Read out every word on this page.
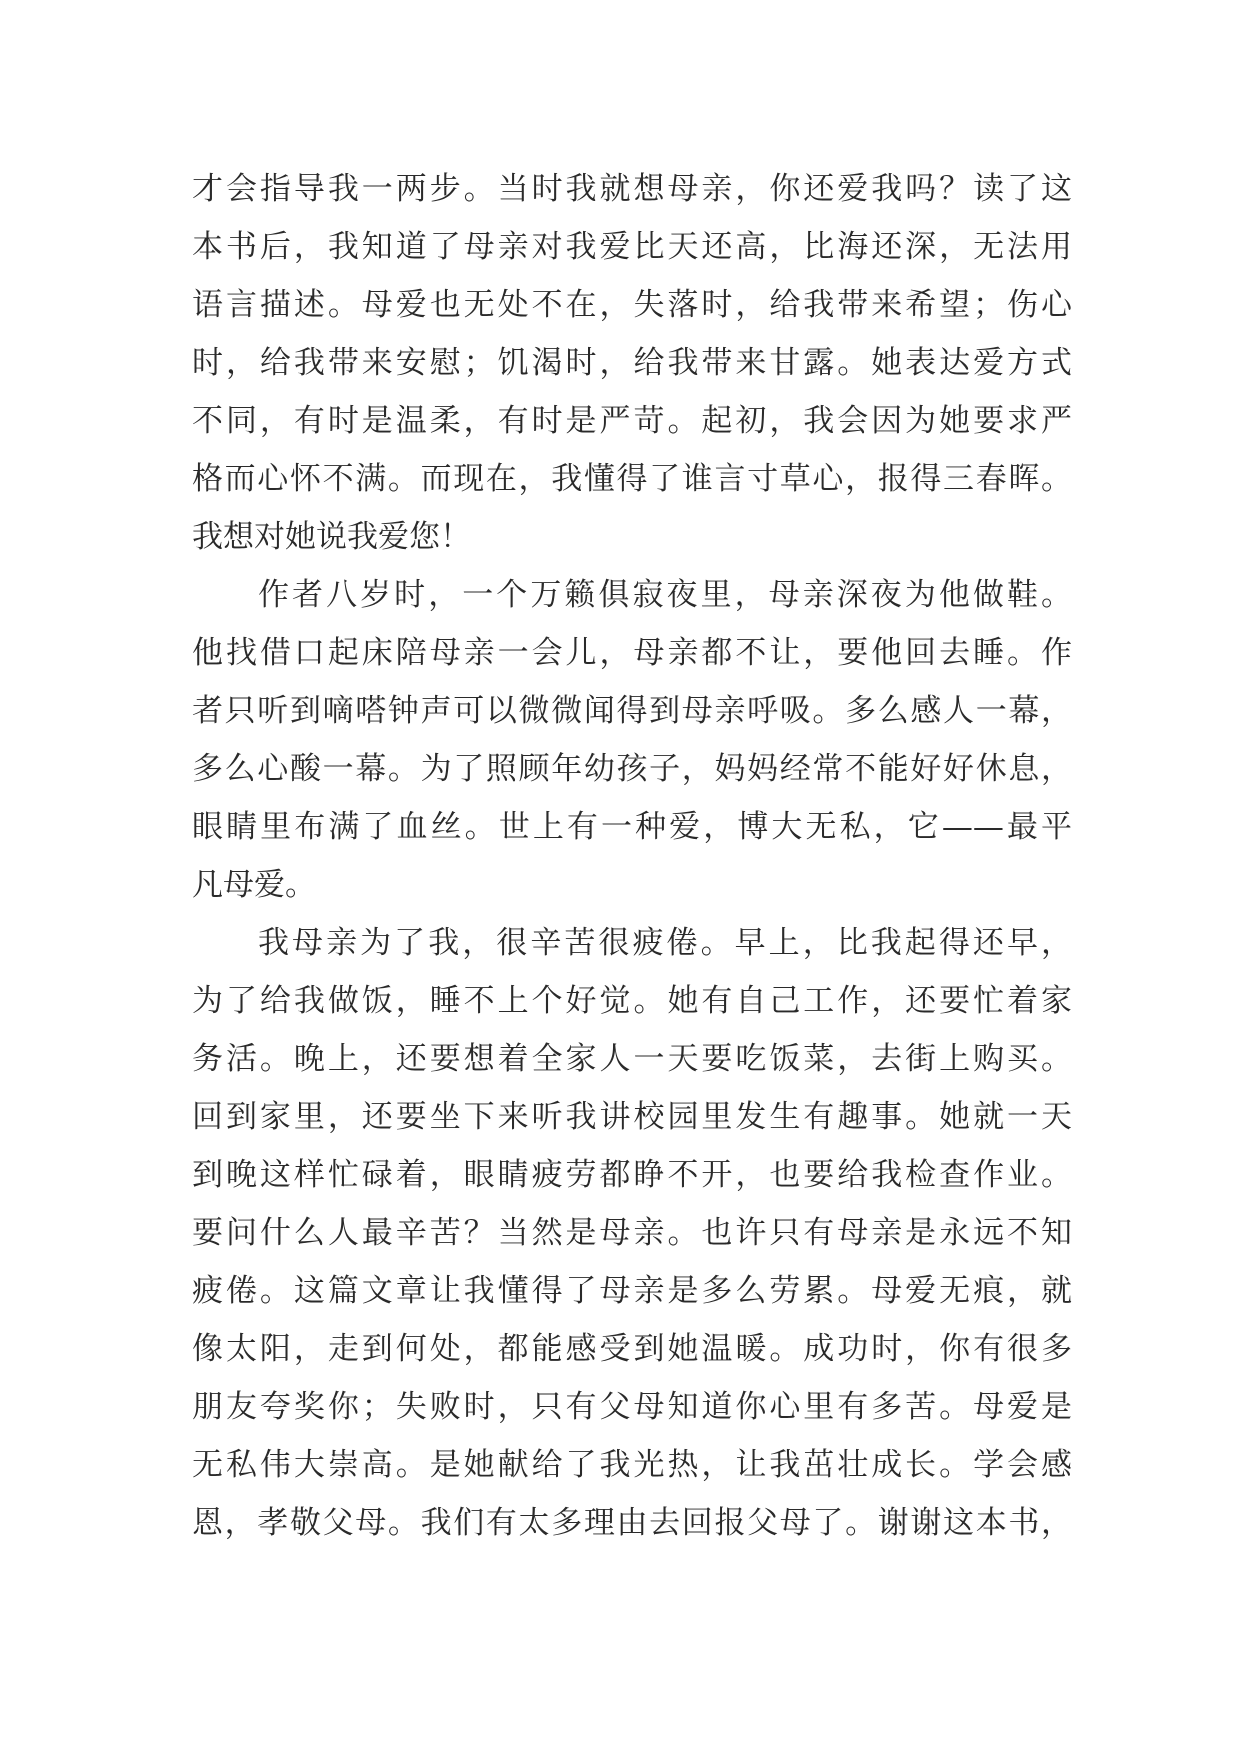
才会指导我一两步。当时我就想母亲，你还爱我吗？读了这
本书后，我知道了母亲对我爱比天还高，比海还深，无法用
语言描述。母爱也无处不在，失落时，给我带来希望；伤心
时，给我带来安慰；饥渴时，给我带来甘露。她表达爱方式
不同，有时是温柔，有时是严苛。起初，我会因为她要求严
格而心怀不满。而现在，我懂得了谁言寸草心，报得三春晖。
我想对她说我爱您！
作者八岁时，一个万籁俱寂夜里，母亲深夜为他做鞋。
他找借口起床陪母亲一会儿，母亲都不让，要他回去睡。作
者只听到嘀嗒钟声可以微微闻得到母亲呼吸。多么感人一幕，
多么心酸一幕。为了照顾年幼孩子，妈妈经常不能好好休息，
眼睛里布满了血丝。世上有一种爱，博大无私，它——最平
凡母爱。
我母亲为了我，很辛苦很疲倦。早上，比我起得还早，
为了给我做饭，睡不上个好觉。她有自己工作，还要忙着家
务活。晚上，还要想着全家人一天要吃饭菜，去街上购买。
回到家里，还要坐下来听我讲校园里发生有趣事。她就一天
到晚这样忙碌着，眼睛疲劳都睁不开，也要给我检查作业。
要问什么人最辛苦？当然是母亲。也许只有母亲是永远不知
疲倦。这篇文章让我懂得了母亲是多么劳累。母爱无痕，就
像太阳，走到何处，都能感受到她温暖。成功时，你有很多
朋友夸奖你；失败时，只有父母知道你心里有多苦。母爱是
无私伟大崇高。是她献给了我光热，让我茁壮成长。学会感
恩，孝敬父母。我们有太多理由去回报父母了。谢谢这本书，
